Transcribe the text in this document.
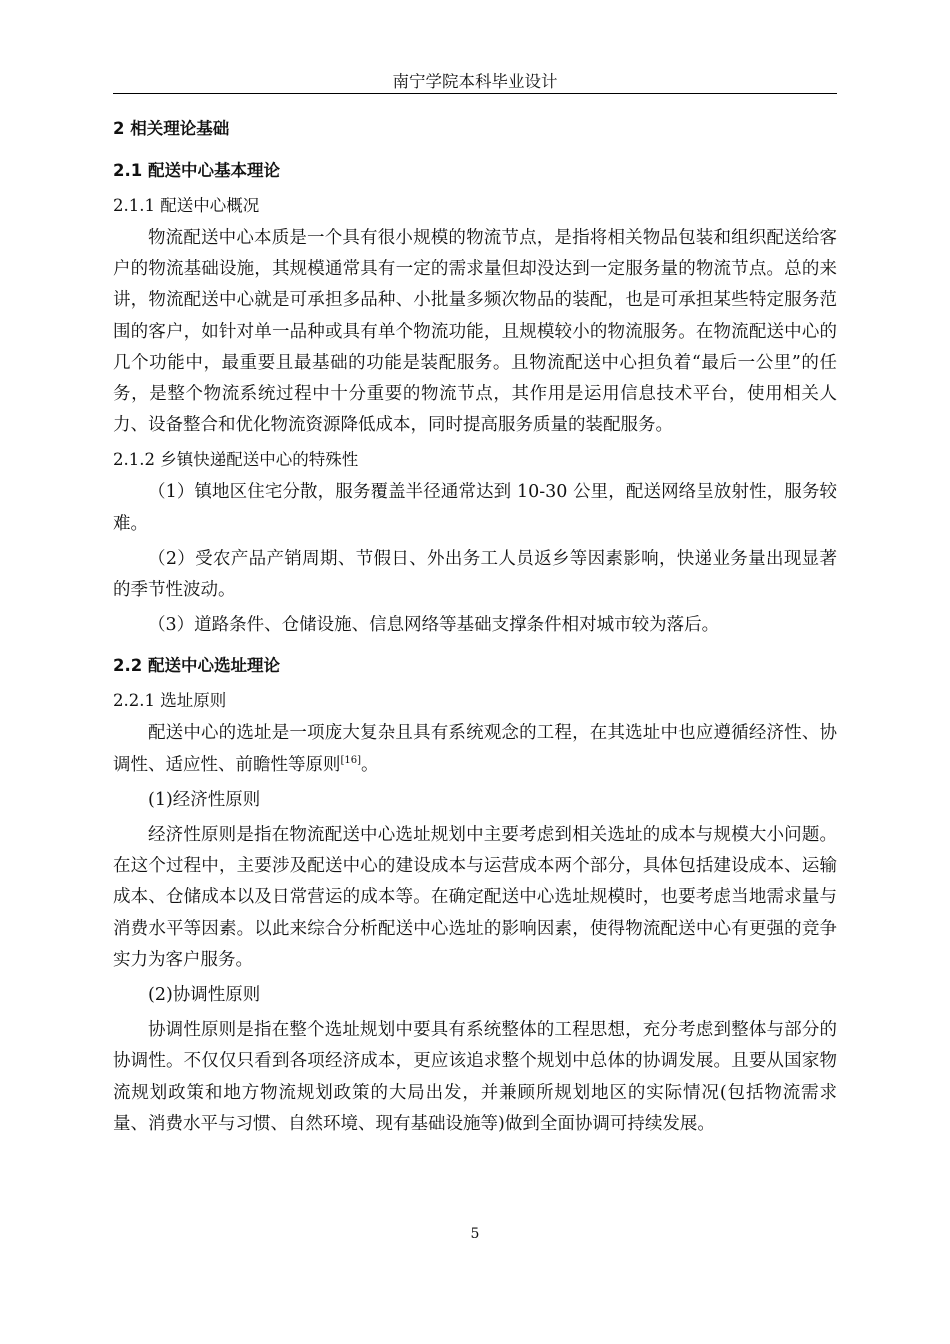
南宁学院本科毕业设计
2 相关理论基础
2.1 配送中心基本理论
2.1.1 配送中心概况

物流配送中心本质是一个具有很小规模的物流节点，是指将相关物品包装和组织配送给客户的物流基础设施，其规模通常具有一定的需求量但却没达到一定服务量的物流节点。总的来讲，物流配送中心就是可承担多品种、小批量多频次物品的装配，也是可承担某些特定服务范围的客户，如针对单一品种或具有单个物流功能，且规模较小的物流服务。在物流配送中心的几个功能中，最重要且最基础的功能是装配服务。且物流配送中心担负着“最后一公里”的任务，是整个物流系统过程中十分重要的物流节点，其作用是运用信息技术平台，使用相关人力、设备整合和优化物流资源降低成本，同时提高服务质量的装配服务。

2.1.2 乡镇快递配送中心的特殊性

（1）镇地区住宅分散，服务覆盖半径通常达到 10-30 公里，配送网络呈放射性，服务较难。

（2）受农产品产销周期、节假日、外出务工人员返乡等因素影响，快递业务量出现显著的季节性波动。

（3）道路条件、仓储设施、信息网络等基础支撑条件相对城市较为落后。

2.2 配送中心选址理论
2.2.1 选址原则

配送中心的选址是一项庞大复杂且具有系统观念的工程，在其选址中也应遵循经济性、协调性、适应性、前瞻性等原则[16]。

(1)经济性原则

经济性原则是指在物流配送中心选址规划中主要考虑到相关选址的成本与规模大小问题。在这个过程中，主要涉及配送中心的建设成本与运营成本两个部分，具体包括建设成本、运输成本、仓储成本以及日常营运的成本等。在确定配送中心选址规模时，也要考虑当地需求量与消费水平等因素。以此来综合分析配送中心选址的影响因素，使得物流配送中心有更强的竞争实力为客户服务。

(2)协调性原则

协调性原则是指在整个选址规划中要具有系统整体的工程思想，充分考虑到整体与部分的协调性。不仅仅只看到各项经济成本，更应该追求整个规划中总体的协调发展。且要从国家物流规划政策和地方物流规划政策的大局出发，并兼顾所规划地区的实际情况(包括物流需求量、消费水平与习惯、自然环境、现有基础设施等)做到全面协调可持续发展。

5
